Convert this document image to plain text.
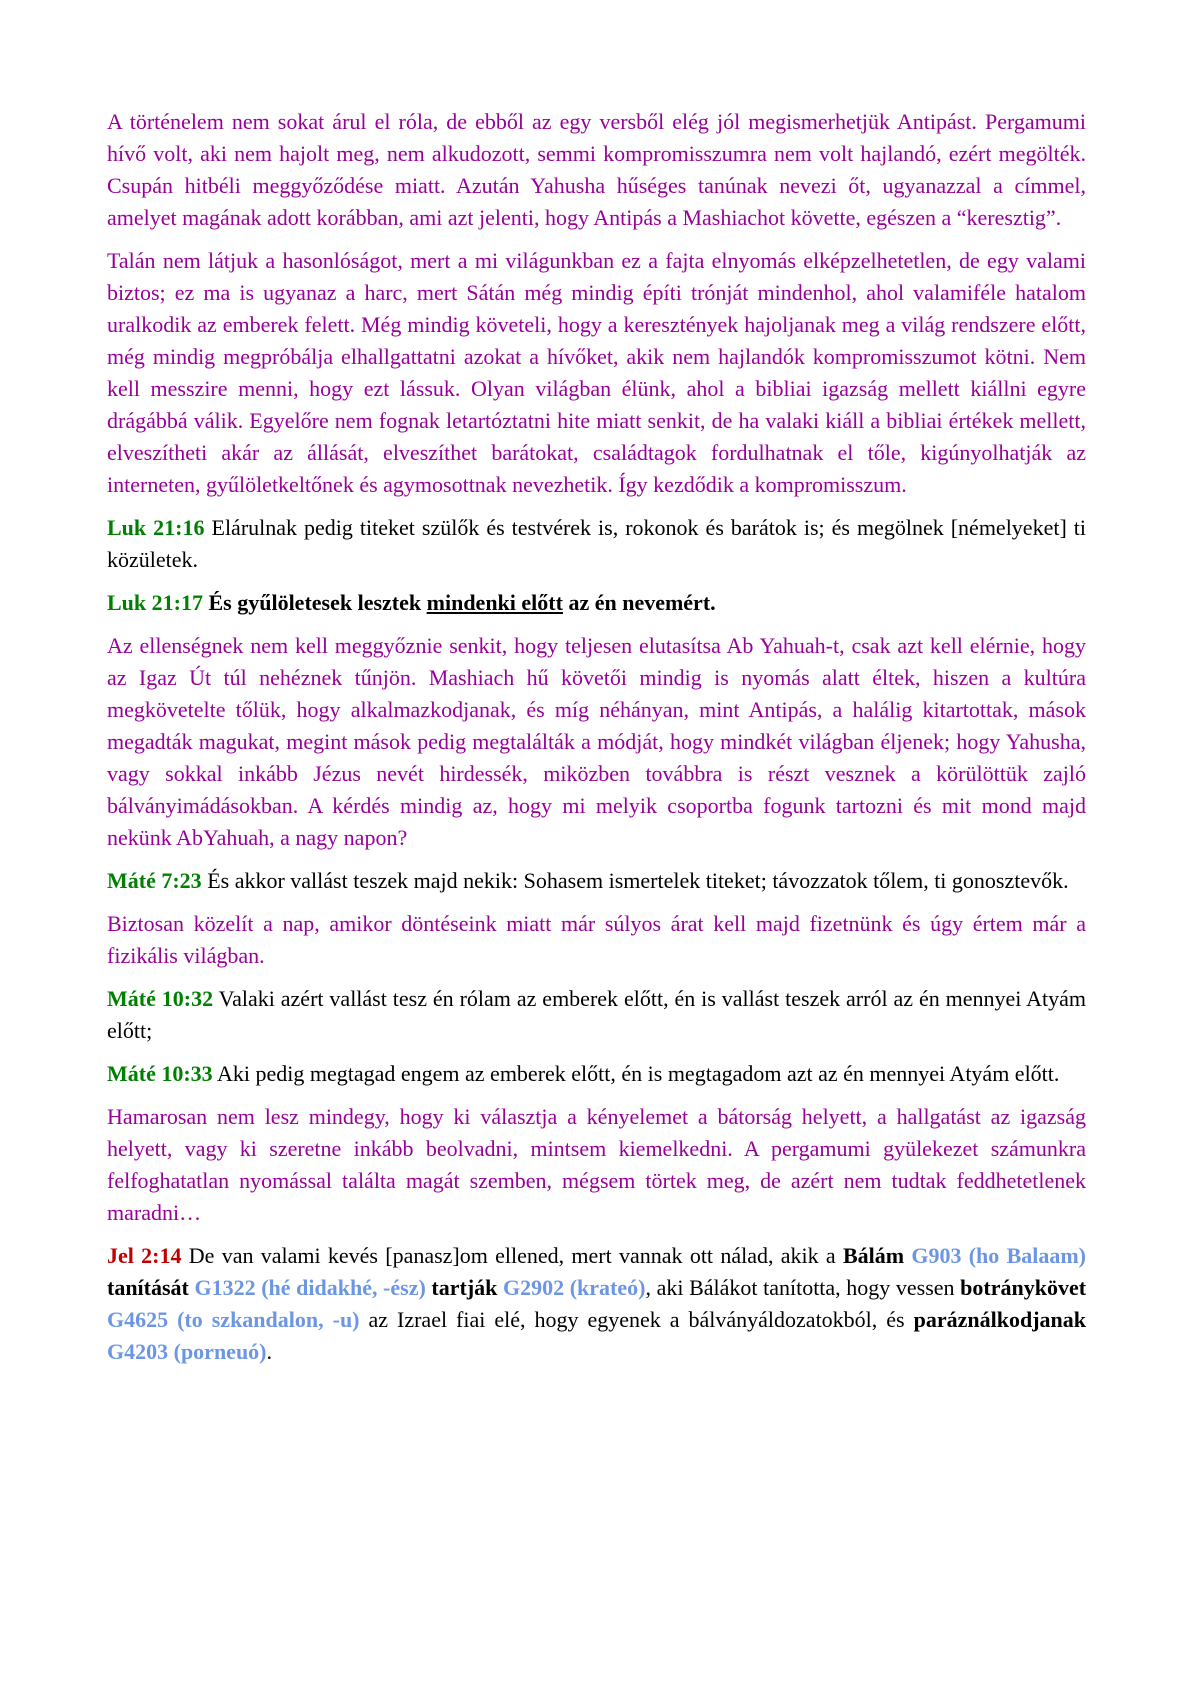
A történelem nem sokat árul el róla, de ebből az egy versből elég jól megismerhetjük Antipást. Pergamumi hívő volt, aki nem hajolt meg, nem alkudozott, semmi kompromisszumra nem volt hajlandó, ezért megölték. Csupán hitbéli meggyőződése miatt. Azután Yahusha hűséges tanúnak nevezi őt, ugyanazzal a címmel, amelyet magának adott korábban, ami azt jelenti, hogy Antipás a Mashiachot követte, egészen a “keresztig”.

Talán nem látjuk a hasonlóságot, mert a mi világunkban ez a fajta elnyomás elképzelhetetlen, de egy valami biztos; ez ma is ugyanaz a harc, mert Sátán még mindig építi trónját mindenhol, ahol valamiféle hatalom uralkodik az emberek felett. Még mindig követeli, hogy a keresztények hajoljanak meg a világ rendszere előtt, még mindig megpróbálja elhallgattatni azokat a hívőket, akik nem hajlandók kompromisszumot kötni. Nem kell messzire menni, hogy ezt lássuk. Olyan világban élünk, ahol a bibliai igazság mellett kiállni egyre drágábbá válik. Egyelőre nem fognak letartóztatni hite miatt senkit, de ha valaki kiáll a bibliai értékek mellett, elveszítheti akár az állását, elveszíthet barátokat, családtagok fordulhatnak el tőle, kigúnyolhatják az interneten, gyűlöletkeltőnek és agymosottnak nevezhetik. Így kezdődik a kompromisszum.

Luk 21:16 Elárulnak pedig titeket szülők és testvérek is, rokonok és barátok is; és megölnek [némelyeket] ti közületek.

Luk 21:17 És gyűlöletesek lesztek mindenki előtt az én nevemért.

Az ellenségnek nem kell meggyőznie senkit, hogy teljesen elutasítsa Ab Yahuah-t, csak azt kell elérnie, hogy az Igaz Út túl nehéznek tűnjön. Mashiach hű követői mindig is nyomás alatt éltek, hiszen a kultúra megkövetelte tőlük, hogy alkalmazkodjanak, és míg néhányan, mint Antipás, a halálig kitartottak, mások megadták magukat, megint mások pedig megtalálták a módját, hogy mindkét világban éljenek; hogy Yahusha, vagy sokkal inkább Jézus nevét hirdessék, miközben továbbra is részt vesznek a körülöttük zajló bálványimádásokban. A kérdés mindig az, hogy mi melyik csoportba fogunk tartozni és mit mond majd nekünk AbYahuah, a nagy napon?

Máté 7:23 És akkor vallást teszek majd nekik: Sohasem ismertelek titeket; távozzatok tőlem, ti gonosztevők.

Biztosan közelít a nap, amikor döntéseink miatt már súlyos árat kell majd fizetnünk és úgy értem már a fizikális világban.

Máté 10:32 Valaki azért vallást tesz én rólam az emberek előtt, én is vallást teszek arról az én mennyei Atyám előtt;

Máté 10:33 Aki pedig megtagad engem az emberek előtt, én is megtagadom azt az én mennyei Atyám előtt.

Hamarosan nem lesz mindegy, hogy ki választja a kényelemet a bátorság helyett, a hallgatást az igazság helyett, vagy ki szeretne inkább beolvadni, mintsem kiemelkedni. A pergamumi gyülekezet számunkra felfoghatatlan nyomással találta magát szemben, mégsem törtek meg, de azért nem tudtak feddhetetlenek maradni…

Jel 2:14 De van valami kevés [panasz]om ellened, mert vannak ott nálad, akik a Bálám G903 (ho Balaam) tanítását G1322 (hé didakhé, -ész) tartják G2902 (krateó), aki Bálákot tanította, hogy vessen botránykövet G4625 (to szkandalon, -u) az Izrael fiai elé, hogy egyenek a bálványáldozatokból, és paráználkodjanak G4203 (porneuó).
